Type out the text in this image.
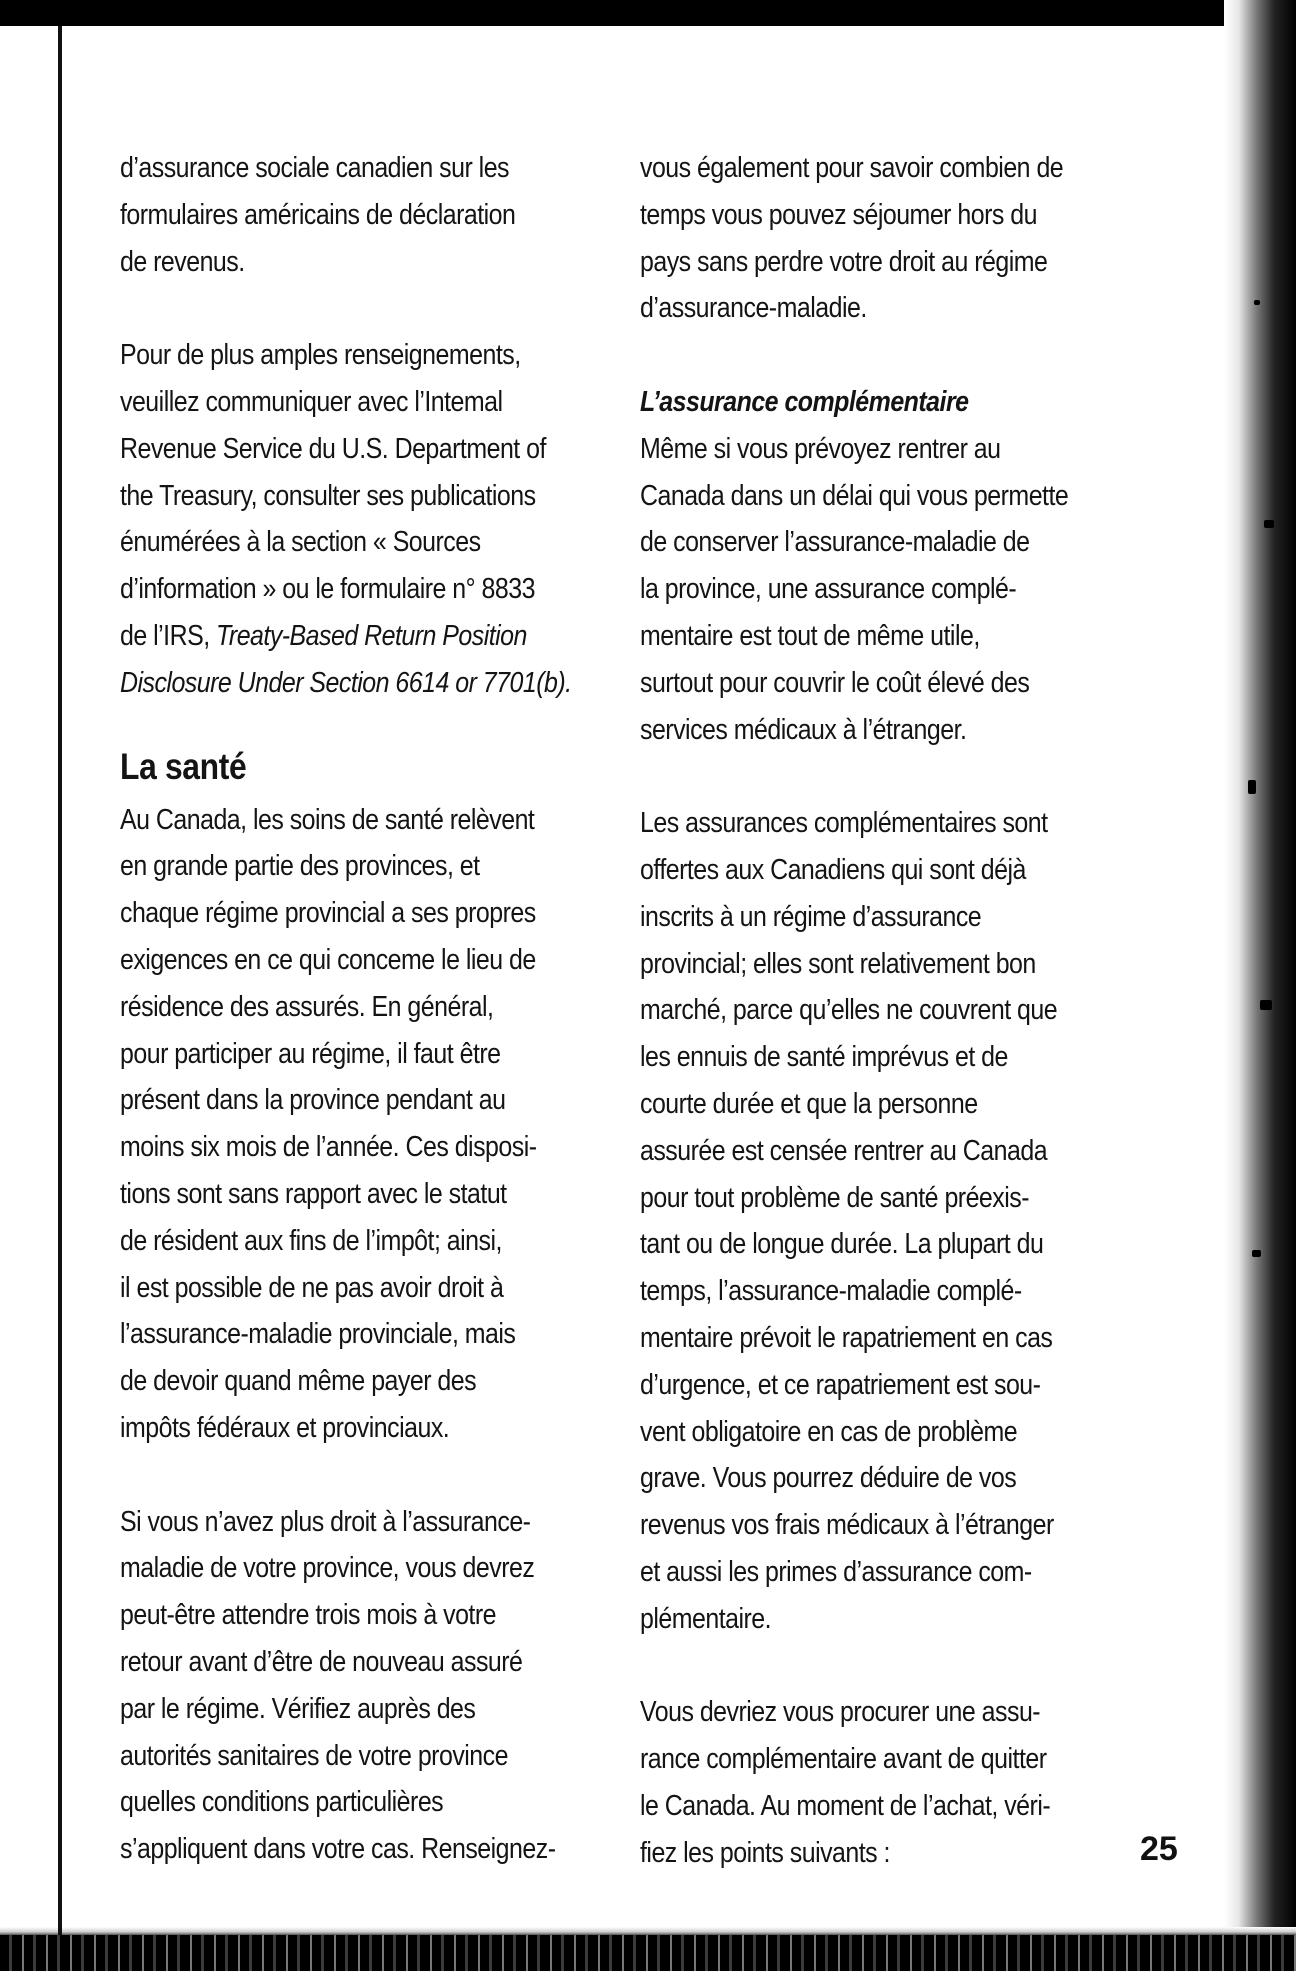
d’assurance sociale canadien sur les
formulaires américains de déclaration
de revenus.
Pour de plus amples renseignements,
veuillez communiquer avec l’Intemal
Revenue Service du U.S. Department of
the Treasury, consulter ses publications
énumérées à la section « Sources
d’information » ou le formulaire n° 8833
de l’IRS, Treaty-Based Return Position
Disclosure Under Section 6614 or 7701(b).
La santé
Au Canada, les soins de santé relèvent
en grande partie des provinces, et
chaque régime provincial a ses propres
exigences en ce qui conceme le lieu de
résidence des assurés. En général,
pour participer au régime, il faut être
présent dans la province pendant au
moins six mois de l’année. Ces disposi-
tions sont sans rapport avec le statut
de résident aux fins de l’impôt; ainsi,
il est possible de ne pas avoir droit à
l’assurance-maladie provinciale, mais
de devoir quand même payer des
impôts fédéraux et provinciaux.
Si vous n’avez plus droit à l’assurance-
maladie de votre province, vous devrez
peut-être attendre trois mois à votre
retour avant d’être de nouveau assuré
par le régime. Vérifiez auprès des
autorités sanitaires de votre province
quelles conditions particulières
s’appliquent dans votre cas. Renseignez-
vous également pour savoir combien de
temps vous pouvez séjoumer hors du
pays sans perdre votre droit au régime
d’assurance-maladie.
L’assurance complémentaire
Même si vous prévoyez rentrer au
Canada dans un délai qui vous permette
de conserver l’assurance-maladie de
la province, une assurance complé-
mentaire est tout de même utile,
surtout pour couvrir le coût élevé des
services médicaux à l’étranger.
Les assurances complémentaires sont
offertes aux Canadiens qui sont déjà
inscrits à un régime d’assurance
provincial; elles sont relativement bon
marché, parce qu’elles ne couvrent que
les ennuis de santé imprévus et de
courte durée et que la personne
assurée est censée rentrer au Canada
pour tout problème de santé préexis-
tant ou de longue durée. La plupart du
temps, l’assurance-maladie complé-
mentaire prévoit le rapatriement en cas
d’urgence, et ce rapatriement est sou-
vent obligatoire en cas de problème
grave. Vous pourrez déduire de vos
revenus vos frais médicaux à l’étranger
et aussi les primes d’assurance com-
plémentaire.
Vous devriez vous procurer une assu-
rance complémentaire avant de quitter
le Canada. Au moment de l’achat, véri-
fiez les points suivants :	25
